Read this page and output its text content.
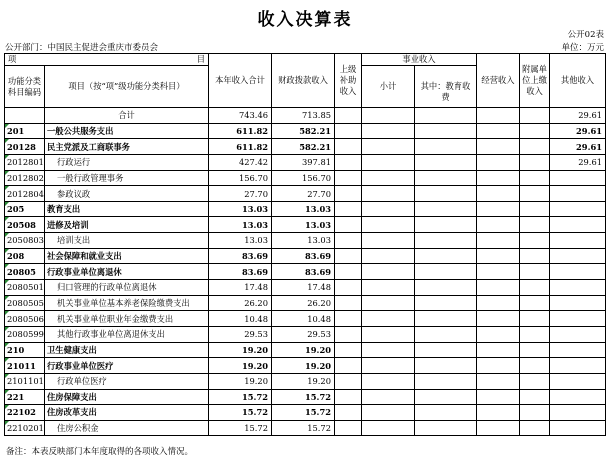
收入决算表
公开02表
公开部门：中国民主促进会重庆市委员会	单位：万元
项 目		本年收入合计	财政拨款收入	上级补助收入	事业收入		经营收入	附属单位上缴收入	其他收入
功能分类科目编码	项目（按“项”级功能分类科目）				小计				
						其中：教育收费			
	合计	743.46	713.85						29.61

201	一般公共服务支出	611.82	582.21						29.61

20128	民主党派及工商联事务	611.82	582.21						29.61

2012801	行政运行	427.42	397.81						29.61

2012802	一般行政管理事务	156.70	156.70						

2012804	参政议政	27.70	27.70						

205	教育支出	13.03	13.03						

20508	进修及培训	13.03	13.03						

2050803	培训支出	13.03	13.03						

208	社会保障和就业支出	83.69	83.69						

20805	行政事业单位离退休	83.69	83.69						

2080501	归口管理的行政单位离退休	17.48	17.48						

2080505	机关事业单位基本养老保险缴费支出	26.20	26.20						

2080506	机关事业单位职业年金缴费支出	10.48	10.48						

2080599	其他行政事业单位离退休支出	29.53	29.53						

210	卫生健康支出	19.20	19.20						

21011	行政事业单位医疗	19.20	19.20						

2101101	行政单位医疗	19.20	19.20						

221	住房保障支出	15.72	15.72						

22102	住房改革支出	15.72	15.72						

2210201	住房公积金	15.72	15.72						
备注：本表反映部门本年度取得的各项收入情况。
